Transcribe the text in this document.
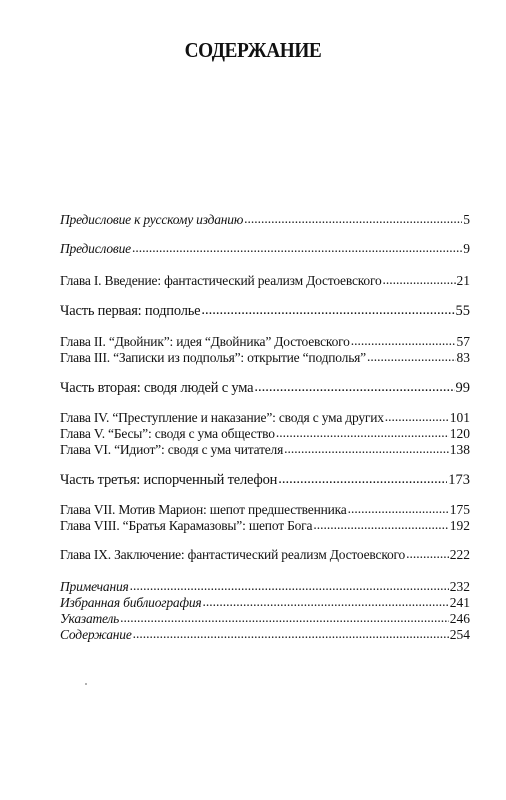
СОДЕРЖАНИЕ
Предисловие к русскому изданию .....	5
Предисловие .....	9
Глава I. Введение: фантастический реализм Достоевского .....	21
Часть первая: подполье .....	55
Глава II. “Двойник”: идея “Двойника” Достоевского .....	57
Глава III. “Записки из подполья”: открытие “подполья” .....	83
Часть вторая: сводя людей с ума .....	99
Глава IV. “Преступление и наказание”: сводя с ума других .....	101
Глава V. “Бесы”: сводя с ума общество .....	120
Глава VI. “Идиот”: сводя с ума читателя .....	138
Часть третья: испорченный телефон .....	173
Глава VII. Мотив Марион: шепот предшественника .....	175
Глава VIII. “Братья Карамазовы”: шепот Бога .....	192
Глава IX. Заключение: фантастический реализм Достоевского .....	222
Примечания .....	232
Избранная библиография .....	241
Указатель .....	246
Содержание .....	254
